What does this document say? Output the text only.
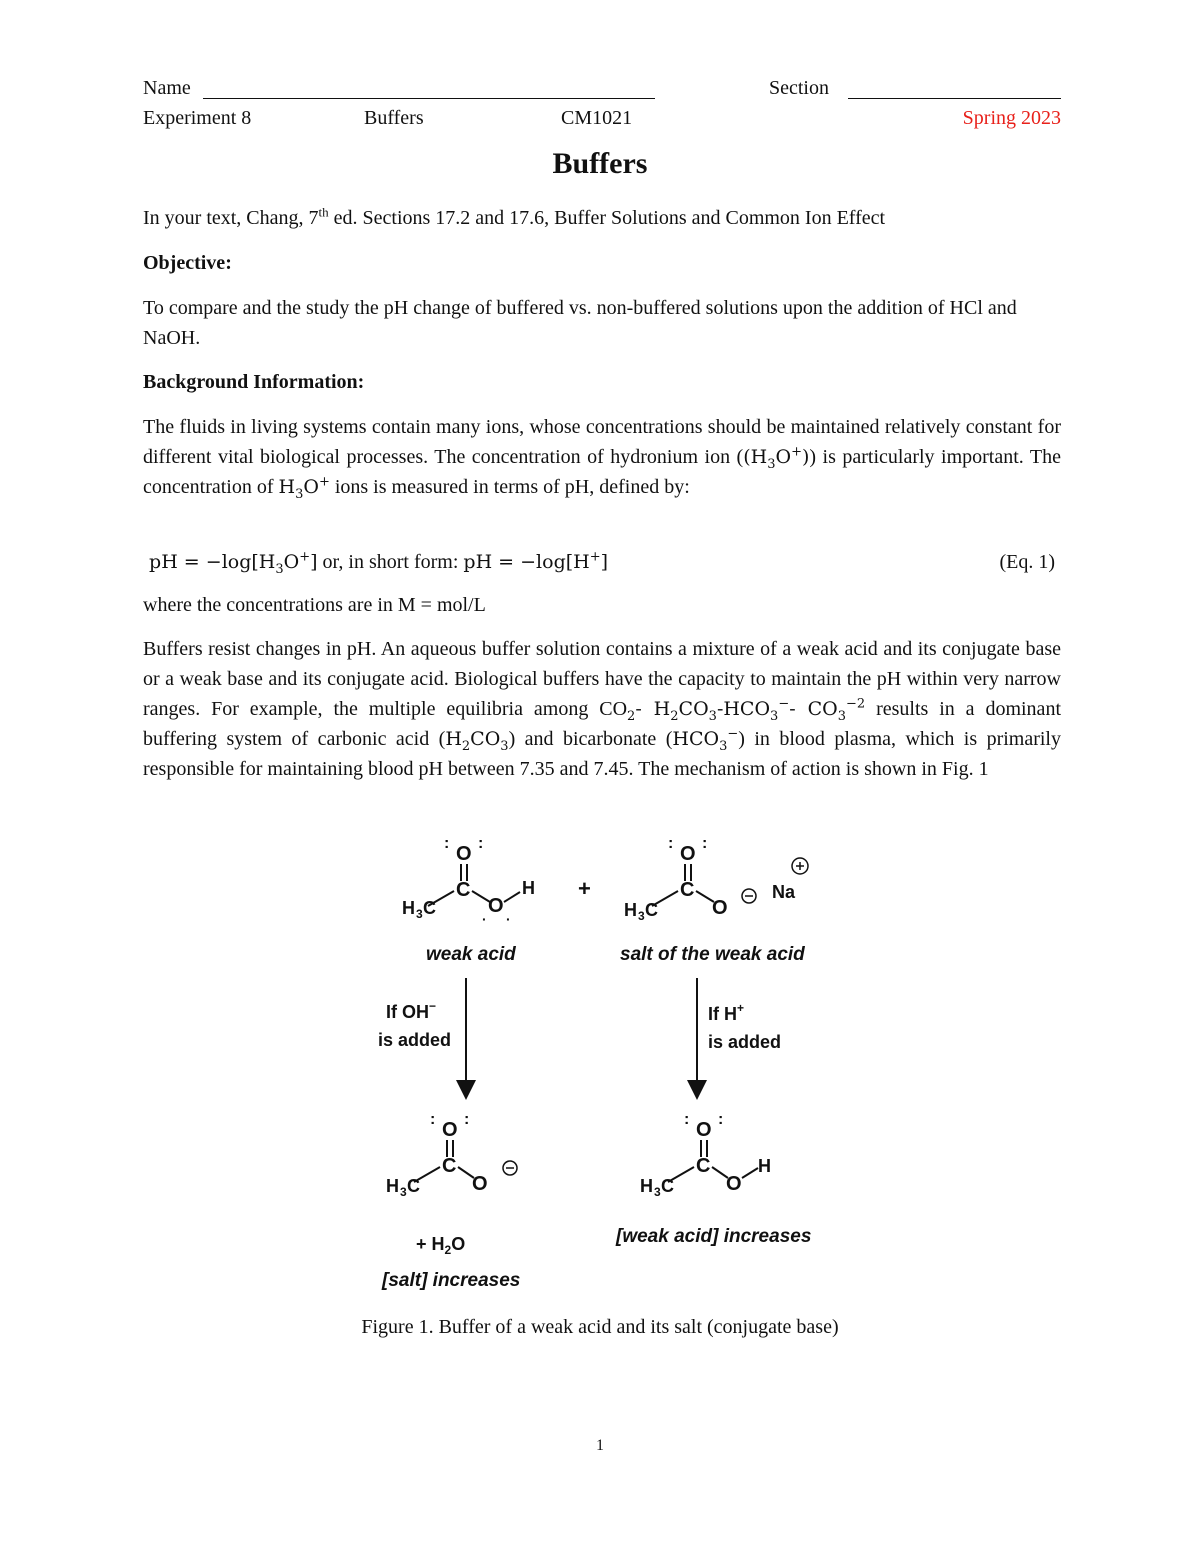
Name	Section
Experiment 8	Buffers	CM1021	Spring 2023
Buffers
In your text, Chang, 7th ed. Sections 17.2 and 17.6, Buffer Solutions and Common Ion Effect
Objective:
To compare and the study the pH change of buffered vs. non-buffered solutions upon the addition of HCl and NaOH.
Background Information:
The fluids in living systems contain many ions, whose concentrations should be maintained relatively constant for different vital biological processes. The concentration of hydronium ion $((H_3O^+))$ is particularly important. The concentration of $H_3O^+$ ions is measured in terms of pH, defined by:
pH = $-\log[H_3O^+]$ or, in short form: pH = −log[H+]	(Eq. 1)
where the concentrations are in M = mol/L
Buffers resist changes in pH. An aqueous buffer solution contains a mixture of a weak acid and its conjugate base or a weak base and its conjugate acid. Biological buffers have the capacity to maintain the pH within very narrow ranges. For example, the multiple equilibria among $CO_2-$ $H_2CO_3-HCO_3^--$ $CO_3^{-2}$ results in a dominant buffering system of carbonic acid $(H_2CO_3)$ and bicarbonate $(HCO_3^-)$ in blood plasma, which is primarily responsible for maintaining blood pH between 7.35 and 7.45. The mechanism of action is shown in Fig. 1
O
: :
C
H 3 C	O
H
· ·
+
O
: :
C
H 3 C	O
Na
weak acid	salt of the weak acid
If OH−
is added
If H+
is added
O
: :
C
H 3 C	O
O
: :
C
H 3 C	O
H
+ $H_2O$
[salt] increases
[weak acid] increases
Figure 1. Buffer of a weak acid and its salt (conjugate base)
1
